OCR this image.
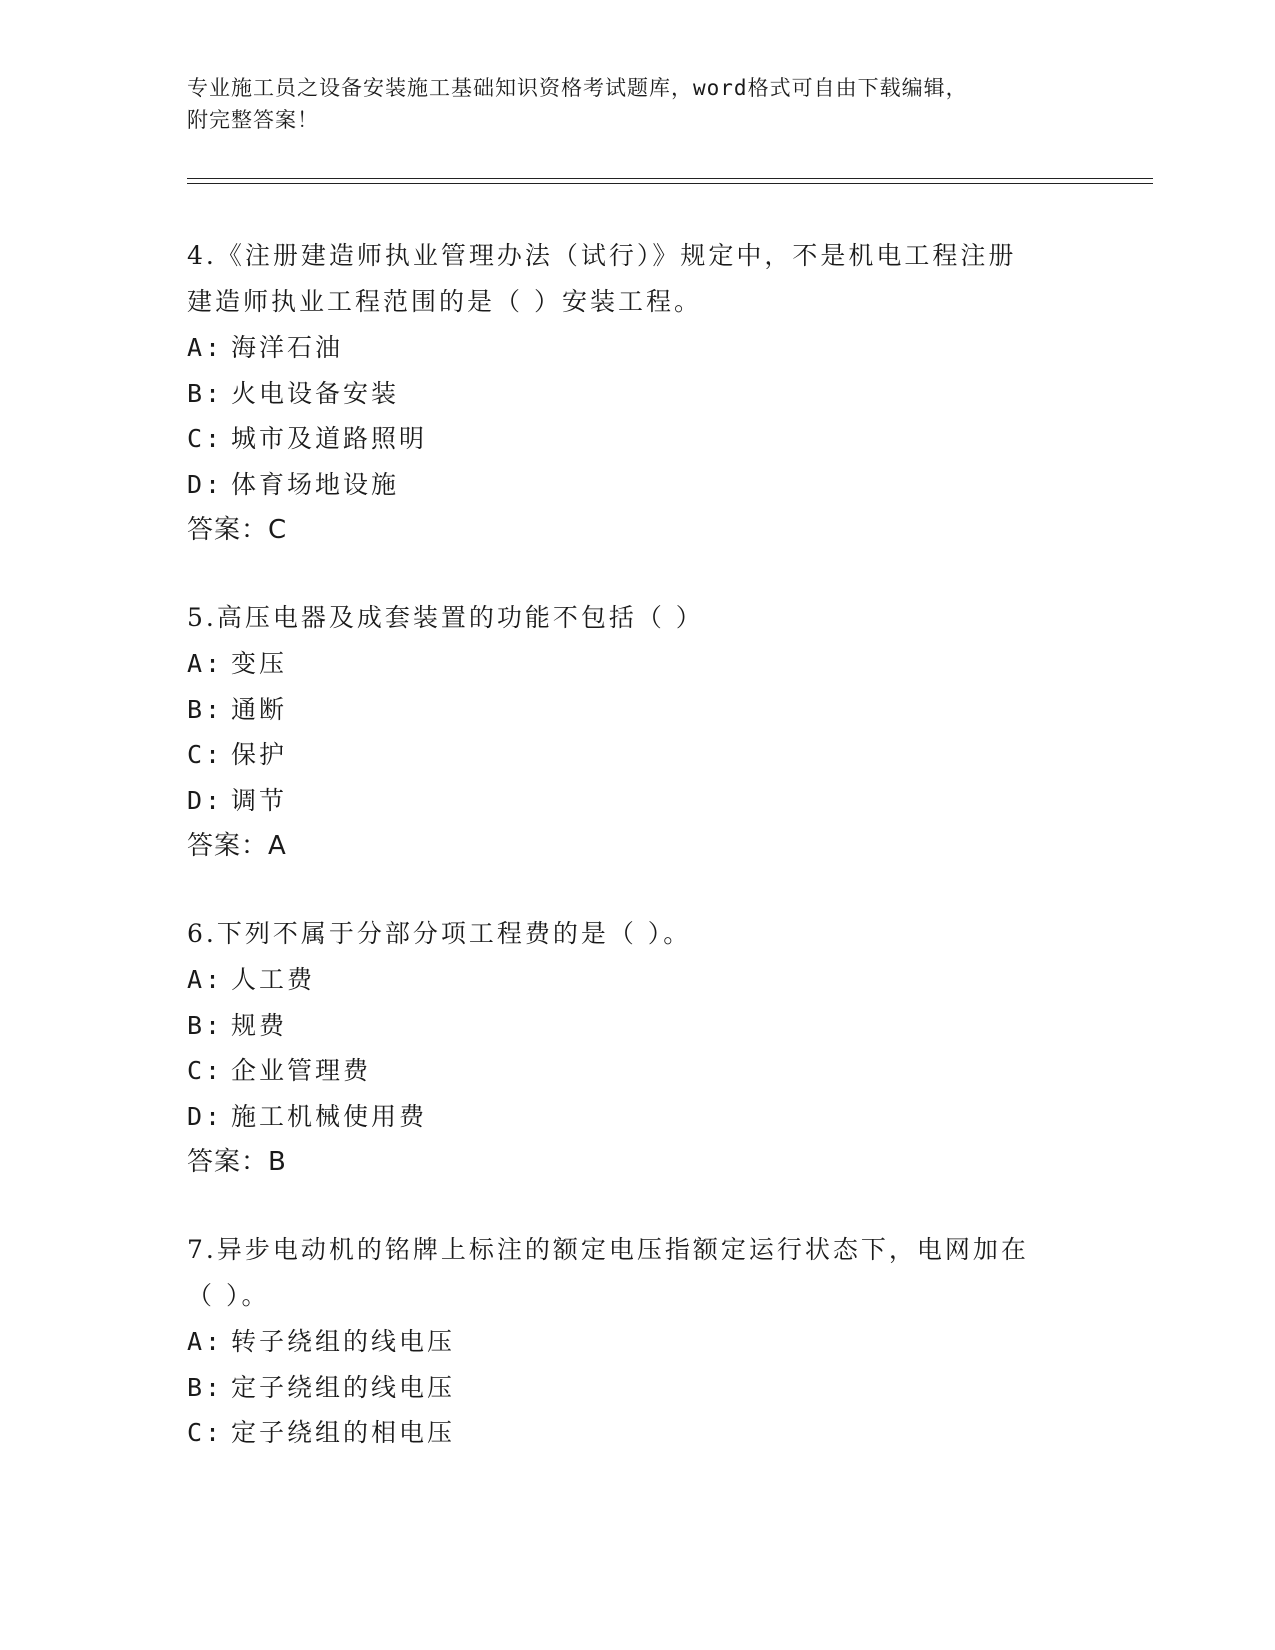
专业施工员之设备安装施工基础知识资格考试题库，word格式可自由下载编辑，
附完整答案！
4.《注册建造师执业管理办法（试行）》规定中，不是机电工程注册
建造师执业工程范围的是（ ）安装工程。
A: 海洋石油
B: 火电设备安装
C: 城市及道路照明
D: 体育场地设施
答案：C
5.高压电器及成套装置的功能不包括（ ）
A: 变压
B: 通断
C: 保护
D: 调节
答案：A
6.下列不属于分部分项工程费的是（ ）。
A: 人工费
B: 规费
C: 企业管理费
D: 施工机械使用费
答案：B
7.异步电动机的铭牌上标注的额定电压指额定运行状态下，电网加在
（ ）。
A: 转子绕组的线电压
B: 定子绕组的线电压
C: 定子绕组的相电压
